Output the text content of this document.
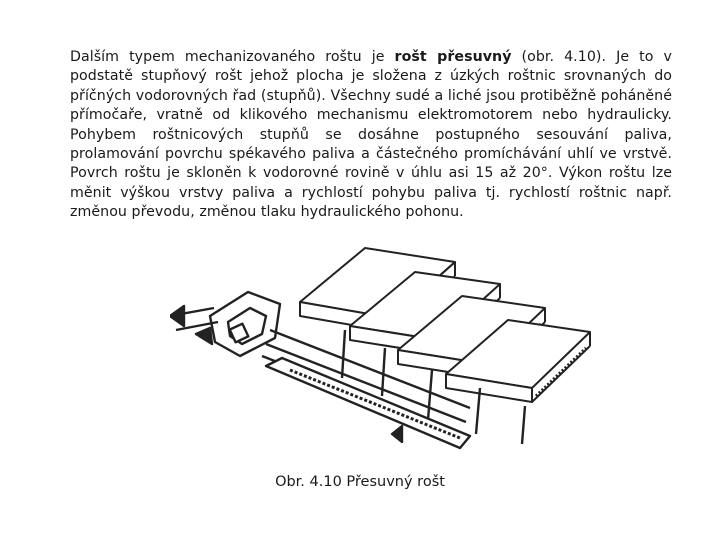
Dalším typem mechanizovaného roštu je rošt přesuvný (obr. 4.10). Je to v podstatě stupňový rošt jehož plocha je složena z úzkých roštnic srovnaných do příčných vodorovných řad (stupňů). Všechny sudé a liché jsou protiběžně poháněné přímočaře, vratně od klikového mechanismu elektromotorem nebo hydraulicky. Pohybem roštnicových stupňů se dosáhne postupného sesouvání paliva, prolamování povrchu spékavého paliva a částečného promíchávání uhlí ve vrstvě. Povrch roštu je skloněn k vodorovné rovině v úhlu asi 15 až 20°. Výkon roštu lze měnit výškou vrstvy paliva a rychlostí pohybu paliva tj. rychlostí roštnic např. změnou převodu, změnou tlaku hydraulického pohonu.

Obr. 4.10 Přesuvný rošt
